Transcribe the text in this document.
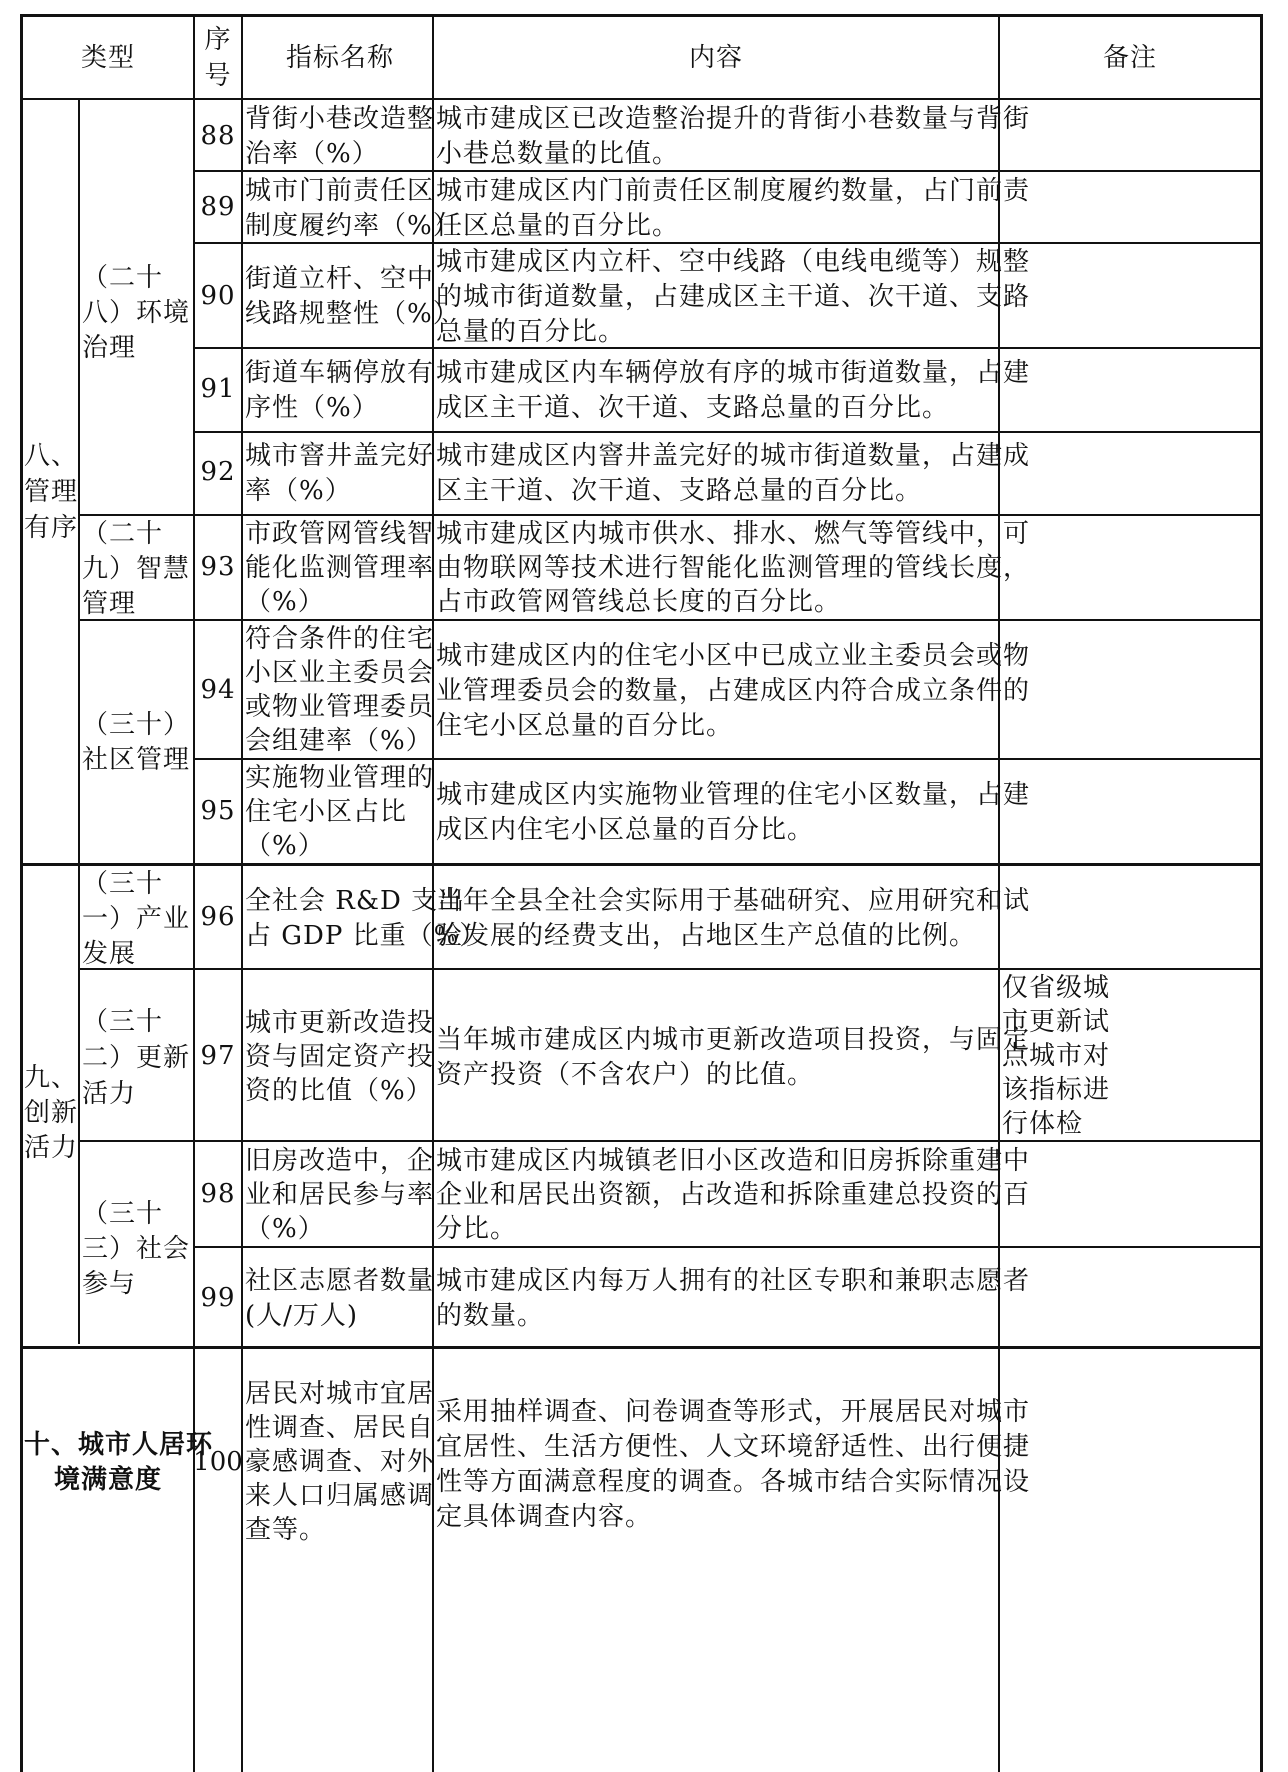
类型
序
号
指标名称	内容	备注
八、
管理
有序
九、
创新
活力
十、城市人居环
境满意度
（二十
八）环境
治理
（二十
九）智慧
管理
（三十）
社区管理
（三十
一）产业
发展
（三十
二）更新
活力
（三十
三）社会
参与
88
背街小巷改造整
治率（%）
城市建成区已改造整治提升的背街小巷数量与背街
小巷总数量的比值。
89
城市门前责任区
制度履约率（%）
城市建成区内门前责任区制度履约数量，占门前责
任区总量的百分比。
90
街道立杆、空中
线路规整性（%）
城市建成区内立杆、空中线路（电线电缆等）规整
的城市街道数量，占建成区主干道、次干道、支路
总量的百分比。
91
街道车辆停放有
序性（%）
城市建成区内车辆停放有序的城市街道数量，占建
成区主干道、次干道、支路总量的百分比。
92
城市窨井盖完好
率（%）
城市建成区内窨井盖完好的城市街道数量，占建成
区主干道、次干道、支路总量的百分比。
93
市政管网管线智
能化监测管理率
（%）
城市建成区内城市供水、排水、燃气等管线中，可
由物联网等技术进行智能化监测管理的管线长度，
占市政管网管线总长度的百分比。
94
符合条件的住宅
小区业主委员会
或物业管理委员
会组建率（%）
城市建成区内的住宅小区中已成立业主委员会或物
业管理委员会的数量，占建成区内符合成立条件的
住宅小区总量的百分比。
95
实施物业管理的
住宅小区占比
（%）
城市建成区内实施物业管理的住宅小区数量，占建
成区内住宅小区总量的百分比。
96
全社会 R&D 支出
占 GDP 比重（%）
当年全县全社会实际用于基础研究、应用研究和试
验发展的经费支出，占地区生产总值的比例。
97
城市更新改造投
资与固定资产投
资的比值（%）
当年城市建成区内城市更新改造项目投资，与固定
资产投资（不含农户）的比值。
仅省级城
市更新试
点城市对
该指标进
行体检
98
旧房改造中，企
业和居民参与率
（%）
城市建成区内城镇老旧小区改造和旧房拆除重建中
企业和居民出资额，占改造和拆除重建总投资的百
分比。
99
社区志愿者数量
(人/万人)
城市建成区内每万人拥有的社区专职和兼职志愿者
的数量。
100
居民对城市宜居
性调查、居民自
豪感调查、对外
来人口归属感调
查等。
采用抽样调查、问卷调查等形式，开展居民对城市
宜居性、生活方便性、人文环境舒适性、出行便捷
性等方面满意程度的调查。各城市结合实际情况设
定具体调查内容。
